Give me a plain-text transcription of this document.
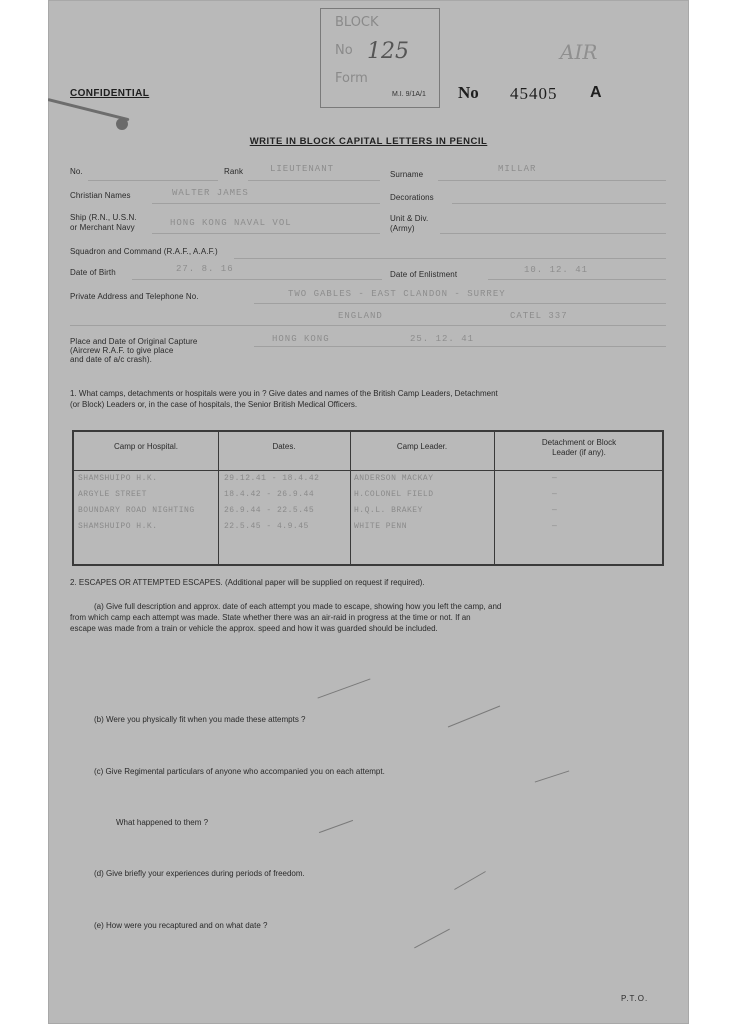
BLOCK
No
Form
125	AIR
CONFIDENTIAL	M.I. 9/1A/1 No 45405 A
WRITE IN BLOCK CAPITAL LETTERS IN PENCIL
No.	Rank	LIEUTENANT
Surname
MILLAR
Christian Names	WALTER JAMES	Decorations
Ship (R.N., U.S.N.
or Merchant Navy	HONG KONG NAVAL VOL	Unit & Div.
(Army)
Squadron and Command (R.A.F., A.A.F.)
Date of Birth	27. 8. 16
Date of Enlistment	10. 12. 41
Private Address and Telephone No.	TWO GABLES - EAST CLANDON - SURREY
ENGLAND	CATEL 337
Place and Date of Original Capture
(Aircrew R.A.F. to give place
and date of a/c crash).
HONG KONG	25. 12. 41
1. What camps, detachments or hospitals were you in ? Give dates and names of the British Camp Leaders, Detachment
(or Block) Leaders or, in the case of hospitals, the Senior British Medical Officers.
Camp or Hospital.	Dates.	Camp Leader.	Detachment or Block
Leader (if any).
SHAMSHUIPO H.K.	29.12.41 - 18.4.42	ANDERSON MACKAY	—
ARGYLE STREET	18.4.42 - 26.9.44	H.COLONEL FIELD	—
BOUNDARY ROAD NIGHTING	26.9.44 - 22.5.45	H.Q.L. BRAKEY	—
SHAMSHUIPO H.K.	22.5.45 - 4.9.45	WHITE PENN	—
2. ESCAPES OR ATTEMPTED ESCAPES. (Additional paper will be supplied on request if required).
(a) Give full description and approx. date of each attempt you made to escape, showing how you left the camp, and
from which camp each attempt was made. State whether there was an air-raid in progress at the time or not. If an
escape was made from a train or vehicle the approx. speed and how it was guarded should be included.
(b) Were you physically fit when you made these attempts ?
(c) Give Regimental particulars of anyone who accompanied you on each attempt.
What happened to them ?
(d) Give briefly your experiences during periods of freedom.
(e) How were you recaptured and on what date ?
P.T.O.
